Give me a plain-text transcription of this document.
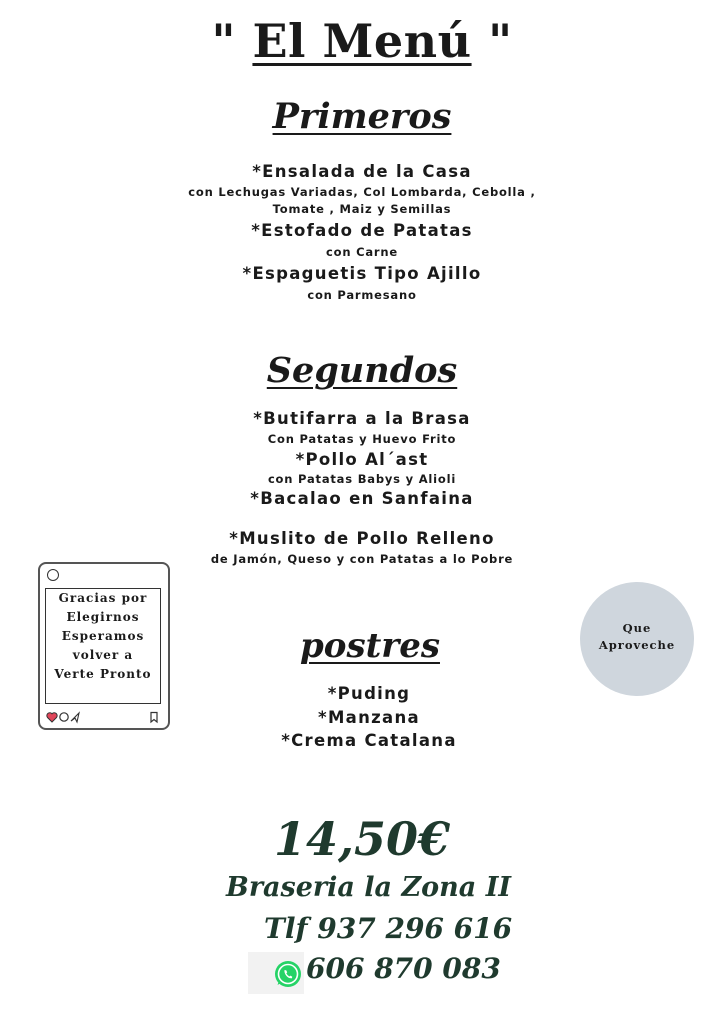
" El Menú "
Primeros
*Ensalada de la Casa
con Lechugas Variadas, Col Lombarda, Cebolla ,
Tomate , Maiz y Semillas
*Estofado de Patatas
con Carne
*Espaguetis Tipo Ajillo
con Parmesano
Segundos
*Butifarra a la Brasa
Con Patatas y Huevo Frito
*Pollo Al´ast
con Patatas Babys y Alioli
*Bacalao en Sanfaina
*Muslito de Pollo Relleno
de Jamón, Queso y con Patatas a lo Pobre
Gracias por
Elegirnos
Esperamos
volver a
Verte Pronto
Que
Aproveche
postres
*Puding
*Manzana
*Crema Catalana
14,50€
Braseria la Zona II
Tlf 937 296 616
606 870 083
